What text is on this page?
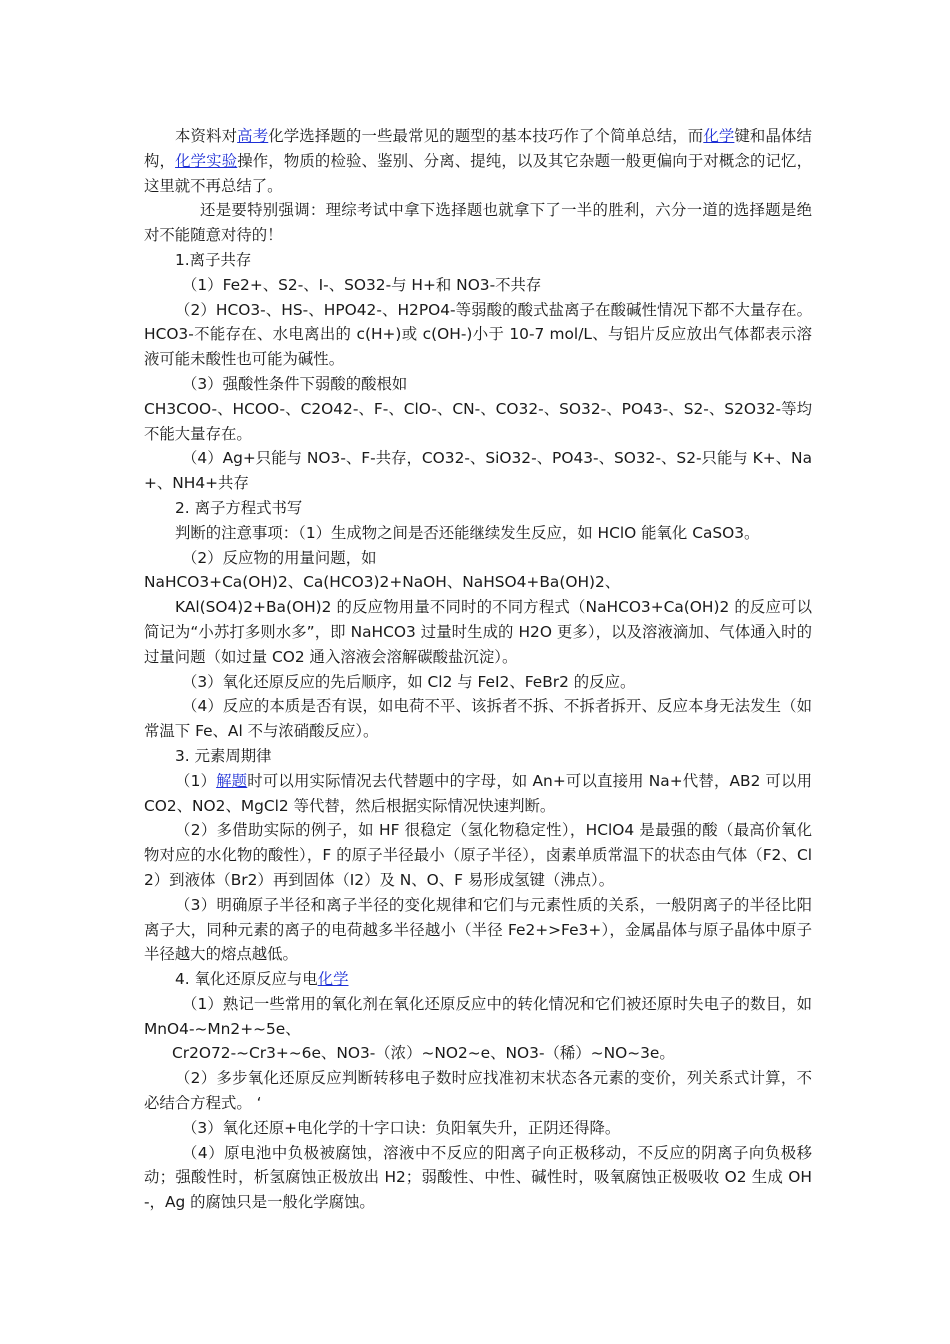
本资料对高考化学选择题的一些最常见的题型的基本技巧作了个简单总结，而化学键和晶体结构，化学实验操作，物质的检验、鉴别、分离、提纯，以及其它杂题一般更偏向于对概念的记忆，这里就不再总结了。

还是要特别强调：理综考试中拿下选择题也就拿下了一半的胜利，六分一道的选择题是绝对不能随意对待的！

1.离子共存

（1）Fe2+、S2-、I-、SO32-与 H+和 NO3-不共存

（2）HCO3-、HS-、HPO42-、H2PO4-等弱酸的酸式盐离子在酸碱性情况下都不大量存在。HCO3-不能存在、水电离出的 c(H+)或 c(OH-)小于 10-7 mol/L、与铝片反应放出气体都表示溶液可能未酸性也可能为碱性。

（3）强酸性条件下弱酸的酸根如

CH3COO-、HCOO-、C2O42-、F-、ClO-、CN-、CO32-、SO32-、PO43-、S2-、S2O32-等均不能大量存在。

（4）Ag+只能与 NO3-、F-共存，CO32-、SiO32-、PO43-、SO32-、S2-只能与 K+、Na+、NH4+共存

2. 离子方程式书写

判断的注意事项：（1）生成物之间是否还能继续发生反应，如 HClO 能氧化 CaSO3。

（2）反应物的用量问题，如

NaHCO3+Ca(OH)2、Ca(HCO3)2+NaOH、NaHSO4+Ba(OH)2、

KAl(SO4)2+Ba(OH)2 的反应物用量不同时的不同方程式（NaHCO3+Ca(OH)2 的反应可以简记为“小苏打多则水多”，即 NaHCO3 过量时生成的 H2O 更多），以及溶液滴加、气体通入时的过量问题（如过量 CO2 通入溶液会溶解碳酸盐沉淀）。

（3）氧化还原反应的先后顺序，如 Cl2 与 FeI2、FeBr2 的反应。

（4）反应的本质是否有误，如电荷不平、该拆者不拆、不拆者拆开、反应本身无法发生（如常温下 Fe、Al 不与浓硝酸反应）。

3. 元素周期律

（1）解题时可以用实际情况去代替题中的字母，如 An+可以直接用 Na+代替，AB2 可以用 CO2、NO2、MgCl2 等代替，然后根据实际情况快速判断。

（2）多借助实际的例子，如 HF 很稳定（氢化物稳定性），HClO4 是最强的酸（最高价氧化物对应的水化物的酸性），F 的原子半径最小（原子半径），卤素单质常温下的状态由气体（F2、Cl2）到液体（Br2）再到固体（I2）及 N、O、F 易形成氢键（沸点）。

（3）明确原子半径和离子半径的变化规律和它们与元素性质的关系，一般阴离子的半径比阳离子大，同种元素的离子的电荷越多半径越小（半径 Fe2+>Fe3+），金属晶体与原子晶体中原子半径越大的熔点越低。

4. 氧化还原反应与电化学

（1）熟记一些常用的氧化剂在氧化还原反应中的转化情况和它们被还原时失电子的数目，如 MnO4-~Mn2+~5e、

Cr2O72-~Cr3+~6e、NO3-（浓）~NO2~e、NO3-（稀）~NO~3e。

（2）多步氧化还原反应判断转移电子数时应找准初末状态各元素的变价，列关系式计算，不必结合方程式。 ‘

（3）氧化还原+电化学的十字口诀：负阳氧失升，正阴还得降。

（4）原电池中负极被腐蚀，溶液中不反应的阳离子向正极移动，不反应的阴离子向负极移动；强酸性时，析氢腐蚀正极放出 H2；弱酸性、中性、碱性时，吸氧腐蚀正极吸收 O2 生成 OH-，Ag 的腐蚀只是一般化学腐蚀。
